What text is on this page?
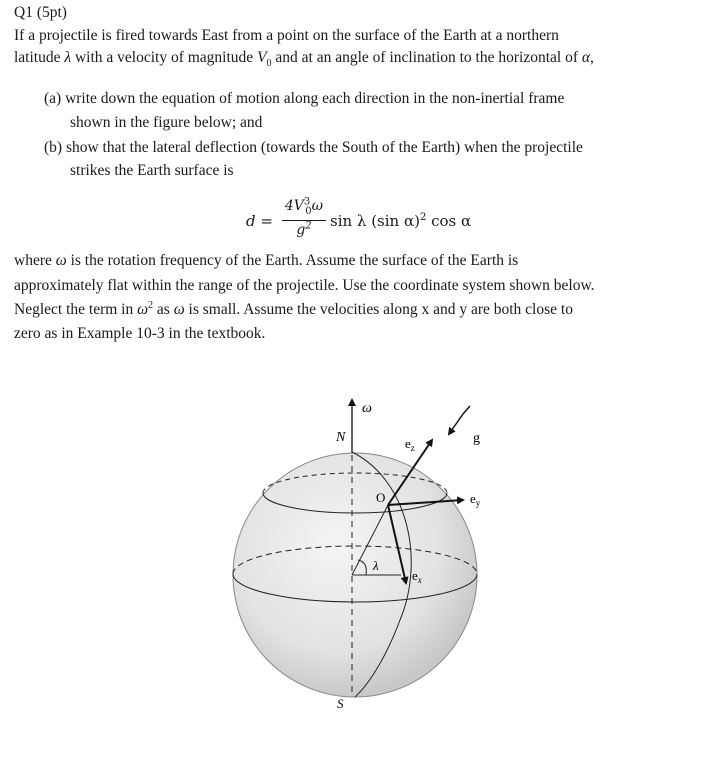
Q1 (5pt)
If a projectile is fired towards East from a point on the surface of the Earth at a northern
latitude λ with a velocity of magnitude $V_0$ and at an angle of inclination to the horizontal of α,
(a) write down the equation of motion along each direction in the non-inertial frame
shown in the figure below; and
(b) show that the lateral deflection (towards the South of the Earth) when the projectile
strikes the Earth surface is
d =
$4V^3_0\omega$
$g^2$	sin λ (sin α)$^2$ cos α
where ω is the rotation frequency of the Earth. Assume the surface of the Earth is
approximately flat within the range of the projectile. Use the coordinate system shown below.
Neglect the term in $\omega^2$ as ω is small. Assume the velocities along x and y are both close to
zero as in Example 10-3 in the textbook.
ω
N
S
O
λ
$e_z$
$e_y$
$e_x$
g
